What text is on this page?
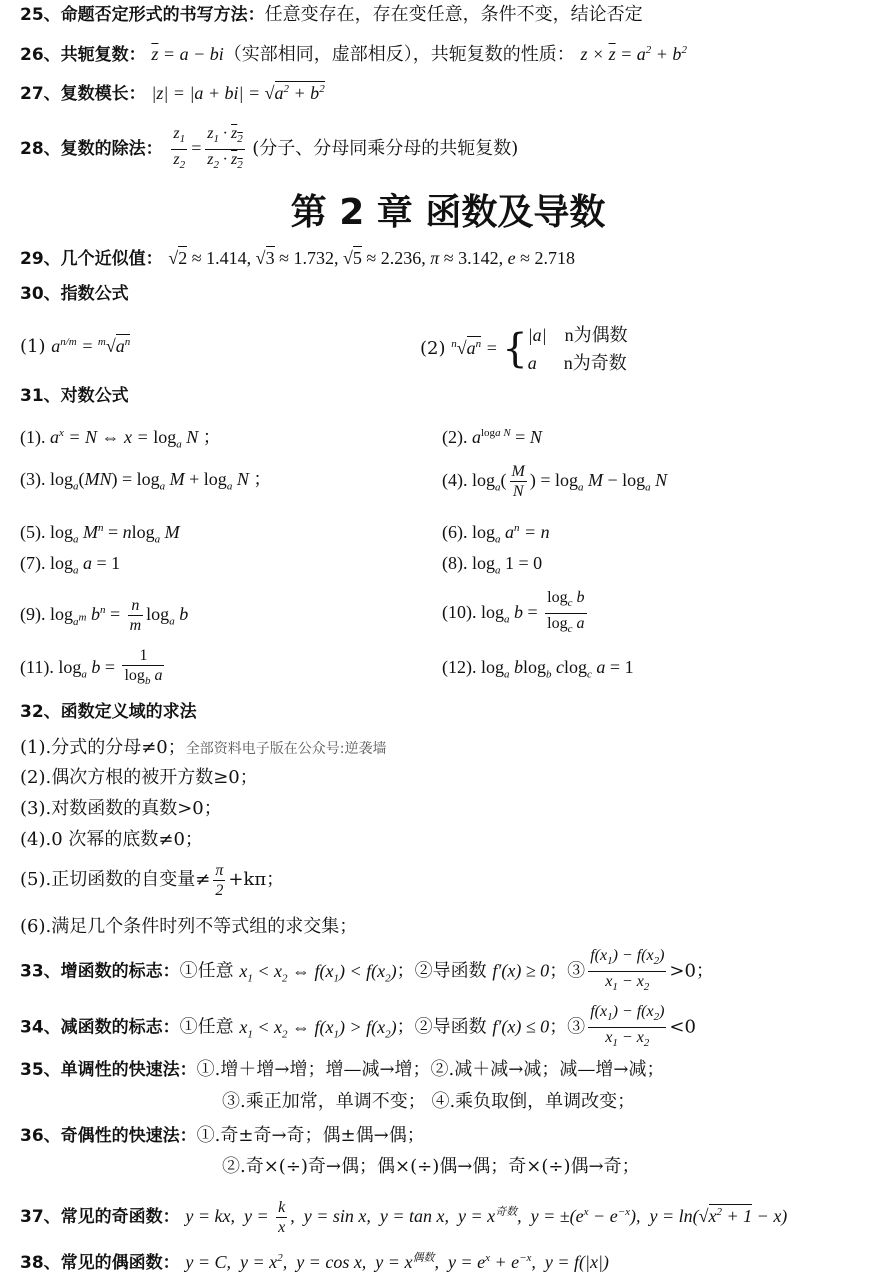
25、命题否定形式的书写方法：任意变存在，存在变任意，条件不变，结论否定
26、共轭复数： $\overline{z} = a - bi$（实部相同，虚部相反），共轭复数的性质： $z \times \overline{z} = a^2 + b^2$
27、复数模长： $|z| = |a + bi| = √a^2 + b^2$
28、复数的除法： $\frac{z_1}{z_2} = \frac{z_1 \cdot z_2}{z_2 \cdot z_2}$ (分子、分母同乘分母的共轭复数)
第 2 章 函数及导数
29、几个近似值： √2 ≈ 1.414, √3 ≈ 1.732, √5 ≈ 2.236, π ≈ 3.142, e ≈ 2.718
30、指数公式
(1) $a^{n/m} = ^m√a^n$	(2) $^n√a^n$ = { |a| n为偶数
a n为奇数
31、对数公式
(1). $a^x = N$ ⇔ $x = \log_a N$ ；	(2). $a^{loga N} = N$
(3). $\log_a(MN) = \log_a M + \log_a N$ ；	(4). $\log_a( \frac{M}{N}$ ) = $\log_a M - \log_a N$
(5). $\log_a M^n = nlog_a$ M	(6). $\log_a a^n = n$
(7). $\log_a a = 1$	(8). $\log_a 1 = 0$
(9). $\log_{am} b^n = \frac{n}{m} \log_a b$	(10). $\log_a b = \frac{\log_c b}{\log_c a}$
(11). $\log_a b = \frac{1}{\log_b a}$	(12). $\log_a blog_b$ clog$_c$ a = 1
32、函数定义域的求法
(1).分式的分母≠0；全部资料电子版在公众号:逆袭墙
(2).偶次方根的被开方数≥0；
(3).对数函数的真数>0；
(4).0 次幂的底数≠0；
(5).正切函数的自变量≠ $\frac{\pi}{2} +k\pi$；
(6).满足几个条件时列不等式组的求交集；
33、增函数的标志：①任意 $x_1 < x_2$ ⇔ $f(x_1) < f(x_2)$；②导函数 f′(x) ≥ 0；③ $\frac{f(x_1) - f(x_2)}{x_1 - x_2} >0$；
34、减函数的标志：①任意 $x_1 < x_2$ ⇔ $f(x_1) > f(x_2)$；②导函数 f′(x) ≤ 0；③ $\frac{f(x_1) - f(x_2)}{x_1 - x_2} <0$
35、单调性的快速法：①.增＋增→增；增—减→增；②.减＋减→减；减—增→减；
③.乘正加常，单调不变； ④.乘负取倒，单调改变；
36、奇偶性的快速法：①.奇±奇→奇；偶±偶→偶；
②.奇×(÷)奇→偶；偶×(÷)偶→偶；奇×(÷)偶→奇；
37、常见的奇函数： y = kx,  $y = \frac{k}{x}$ ,  y = sin x,  y = tan x,  $y = x^{奇数}$,  $y = \pm(e^x - e^{-x})$,  $y = \ln(√x^2 + 1 - x)$
38、常见的偶函数： y = C,  $y = x^2$,  y = cos x,  $y = x^{偶数}$,  $y = e^x + e^{-x}$,  y = f(|x|)
